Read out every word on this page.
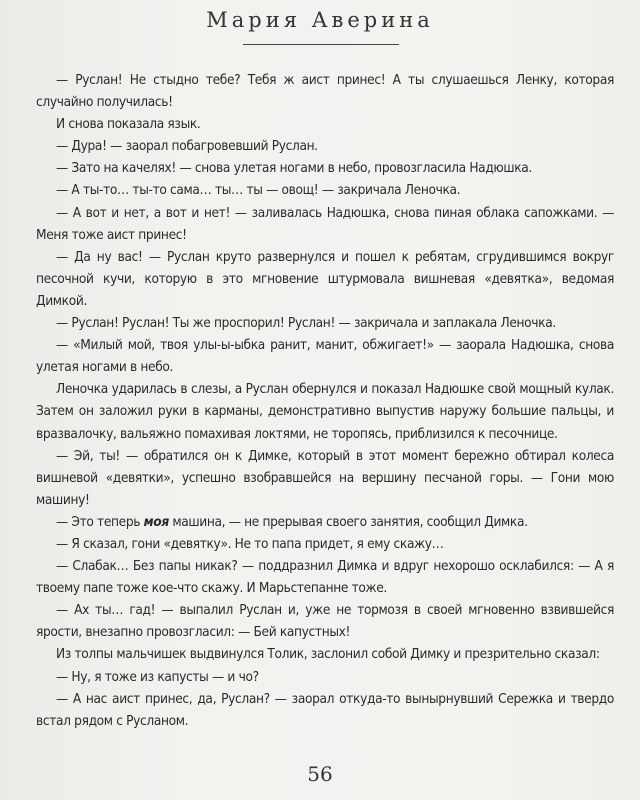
Мария Аверина

— Руслан! Не стыдно тебе? Тебя ж аист принес! А ты слушаешься Ленку, которая случайно получилась!

И снова показала язык.

— Дура! — заорал побагровевший Руслан.

— Зато на качелях! — снова улетая ногами в небо, провозгласила Надюшка.

— А ты-то… ты-то сама… ты… ты — овощ! — закричала Леночка.

— А вот и нет, а вот и нет! — заливалась Надюшка, снова пиная облака сапожками. — Меня тоже аист принес!

— Да ну вас! — Руслан круто развернулся и пошел к ребятам, сгрудившимся вокруг песочной кучи, которую в это мгновение штурмовала вишневая «девятка», ведомая Димкой.

— Руслан! Руслан! Ты же проспорил! Руслан! — закричала и заплакала Леночка.

— «Милый мой, твоя улы-ы-ыбка ранит, манит, обжигает!» — заорала Надюшка, снова улетая ногами в небо.

Леночка ударилась в слезы, а Руслан обернулся и показал Надюшке свой мощный кулак. Затем он заложил руки в карманы, демонстративно выпустив наружу большие пальцы, и вразвалочку, вальяжно помахивая локтями, не торопясь, приблизился к песочнице.

— Эй, ты! — обратился он к Димке, который в этот момент бережно обтирал колеса вишневой «девятки», успешно взобравшейся на вершину песчаной горы. — Гони мою машину!

— Это теперь моя машина, — не прерывая своего занятия, сообщил Димка.

— Я сказал, гони «девятку». Не то папа придет, я ему скажу…

— Слабак… Без папы никак? — поддразнил Димка и вдруг нехорошо осклабился: — А я твоему папе тоже кое-что скажу. И Марьстепанне тоже.

— Ах ты… гад! — выпалил Руслан и, уже не тормозя в своей мгновенно взвившейся ярости, внезапно провозгласил: — Бей капустных!

Из толпы мальчишек выдвинулся Толик, заслонил собой Димку и презрительно сказал:

— Ну, я тоже из капусты — и чо?

— А нас аист принес, да, Руслан? — заорал откуда-то вынырнувший Сережка и твердо встал рядом с Русланом.

56
